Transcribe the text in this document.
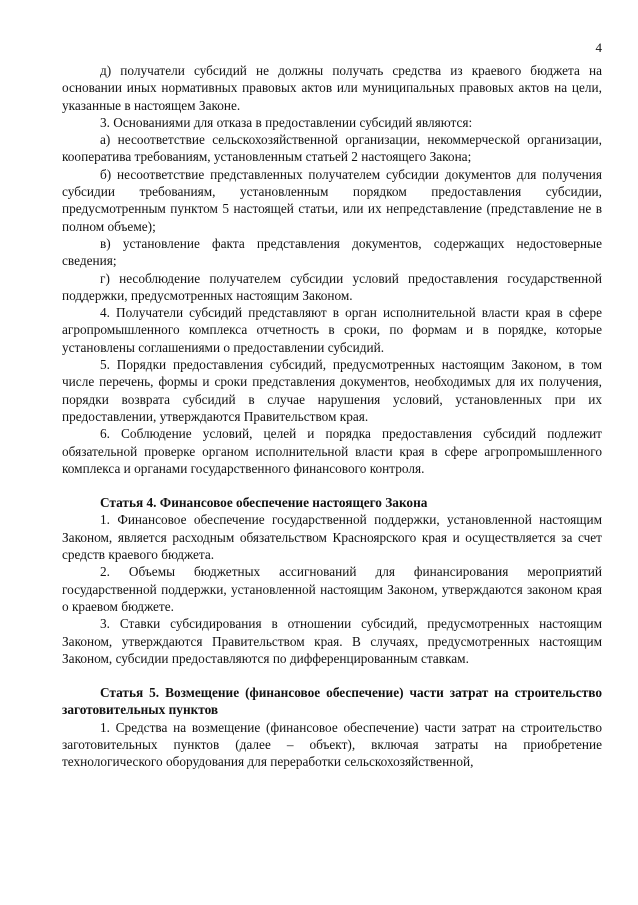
4

д) получатели субсидий не должны получать средства из краевого бюджета на основании иных нормативных правовых актов или муниципальных правовых актов на цели, указанные в настоящем Законе.

3. Основаниями для отказа в предоставлении субсидий являются:

а) несоответствие сельскохозяйственной организации, некоммерческой организации, кооператива требованиям, установленным статьей 2 настоящего Закона;

б) несоответствие представленных получателем субсидии документов для получения субсидии требованиям, установленным порядком предоставления субсидии, предусмотренным пунктом 5 настоящей статьи, или их непредставление (представление не в полном объеме);

в) установление факта представления документов, содержащих недостоверные сведения;

г) несоблюдение получателем субсидии условий предоставления государственной поддержки, предусмотренных настоящим Законом.

4. Получатели субсидий представляют в орган исполнительной власти края в сфере агропромышленного комплекса отчетность в сроки, по формам и в порядке, которые установлены соглашениями о предоставлении субсидий.

5. Порядки предоставления субсидий, предусмотренных настоящим Законом, в том числе перечень, формы и сроки представления документов, необходимых для их получения, порядки возврата субсидий в случае нарушения условий, установленных при их предоставлении, утверждаются Правительством края.

6. Соблюдение условий, целей и порядка предоставления субсидий подлежит обязательной проверке органом исполнительной власти края в сфере агропромышленного комплекса и органами государственного финансового контроля.

Статья 4. Финансовое обеспечение настоящего Закона

1. Финансовое обеспечение государственной поддержки, установленной настоящим Законом, является расходным обязательством Красноярского края и осуществляется за счет средств краевого бюджета.

2. Объемы бюджетных ассигнований для финансирования мероприятий государственной поддержки, установленной настоящим Законом, утверждаются законом края о краевом бюджете.

3. Ставки субсидирования в отношении субсидий, предусмотренных настоящим Законом, утверждаются Правительством края. В случаях, предусмотренных настоящим Законом, субсидии предоставляются по дифференцированным ставкам.

Статья 5. Возмещение (финансовое обеспечение) части затрат на строительство заготовительных пунктов

1. Средства на возмещение (финансовое обеспечение) части затрат на строительство заготовительных пунктов (далее – объект), включая затраты на приобретение технологического оборудования для переработки сельскохозяйственной,
